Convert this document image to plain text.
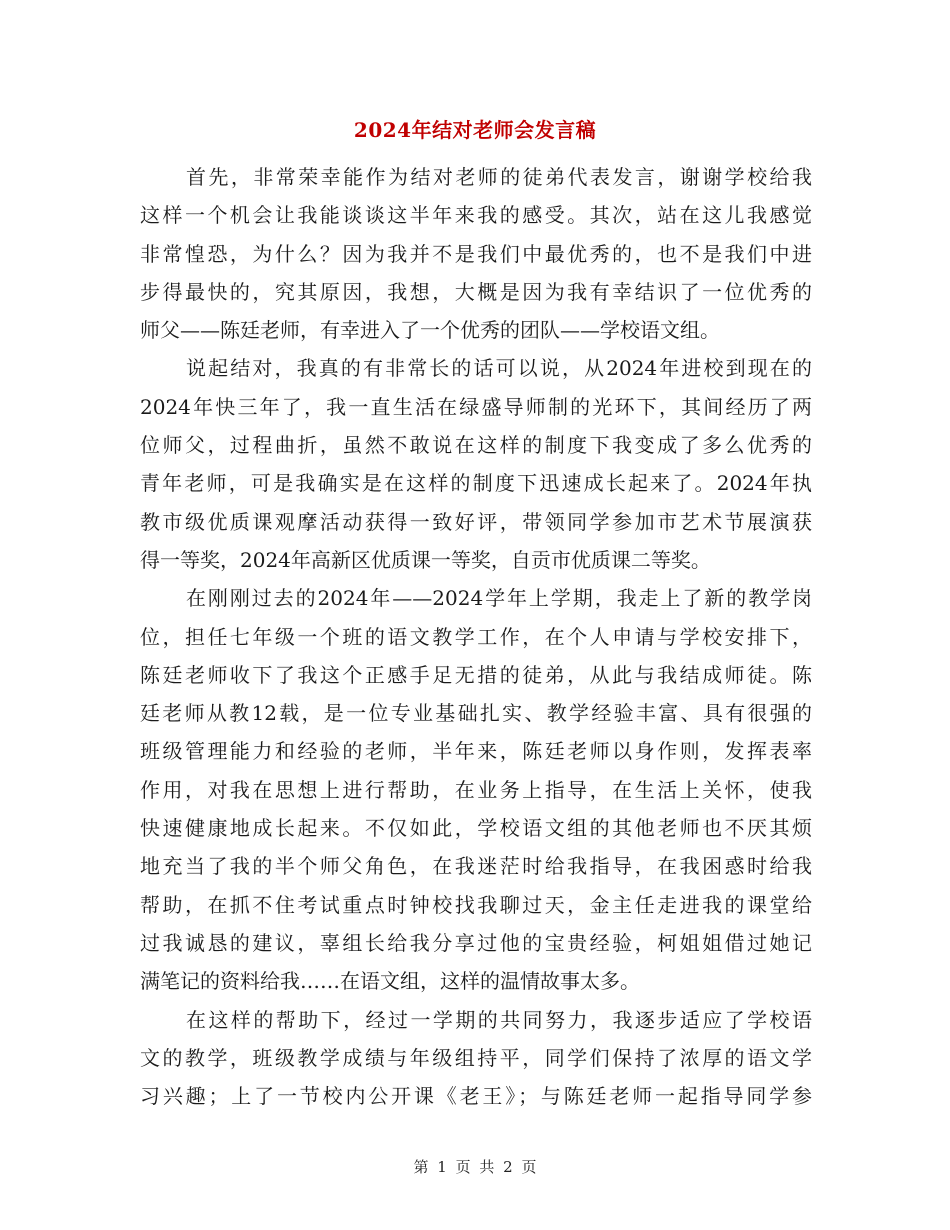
2024年结对老师会发言稿
首先，非常荣幸能作为结对老师的徒弟代表发言，谢谢学校给我
这样一个机会让我能谈谈这半年来我的感受。其次，站在这儿我感觉
非常惶恐，为什么？因为我并不是我们中最优秀的，也不是我们中进
步得最快的，究其原因，我想，大概是因为我有幸结识了一位优秀的
师父——陈廷老师，有幸进入了一个优秀的团队——学校语文组。
说起结对，我真的有非常长的话可以说，从2024年进校到现在的
2024年快三年了，我一直生活在绿盛导师制的光环下，其间经历了两
位师父，过程曲折，虽然不敢说在这样的制度下我变成了多么优秀的
青年老师，可是我确实是在这样的制度下迅速成长起来了。2024年执
教市级优质课观摩活动获得一致好评，带领同学参加市艺术节展演获
得一等奖，2024年高新区优质课一等奖，自贡市优质课二等奖。
在刚刚过去的2024年——2024学年上学期，我走上了新的教学岗
位，担任七年级一个班的语文教学工作，在个人申请与学校安排下，
陈廷老师收下了我这个正感手足无措的徒弟，从此与我结成师徒。陈
廷老师从教12载，是一位专业基础扎实、教学经验丰富、具有很强的
班级管理能力和经验的老师，半年来，陈廷老师以身作则，发挥表率
作用，对我在思想上进行帮助，在业务上指导，在生活上关怀，使我
快速健康地成长起来。不仅如此，学校语文组的其他老师也不厌其烦
地充当了我的半个师父角色，在我迷茫时给我指导，在我困惑时给我
帮助，在抓不住考试重点时钟校找我聊过天，金主任走进我的课堂给
过我诚恳的建议，辜组长给我分享过他的宝贵经验，柯姐姐借过她记
满笔记的资料给我……在语文组，这样的温情故事太多。
在这样的帮助下，经过一学期的共同努力，我逐步适应了学校语
文的教学，班级教学成绩与年级组持平，同学们保持了浓厚的语文学
习兴趣；上了一节校内公开课《老王》；与陈廷老师一起指导同学参
第 1 页 共 2 页
